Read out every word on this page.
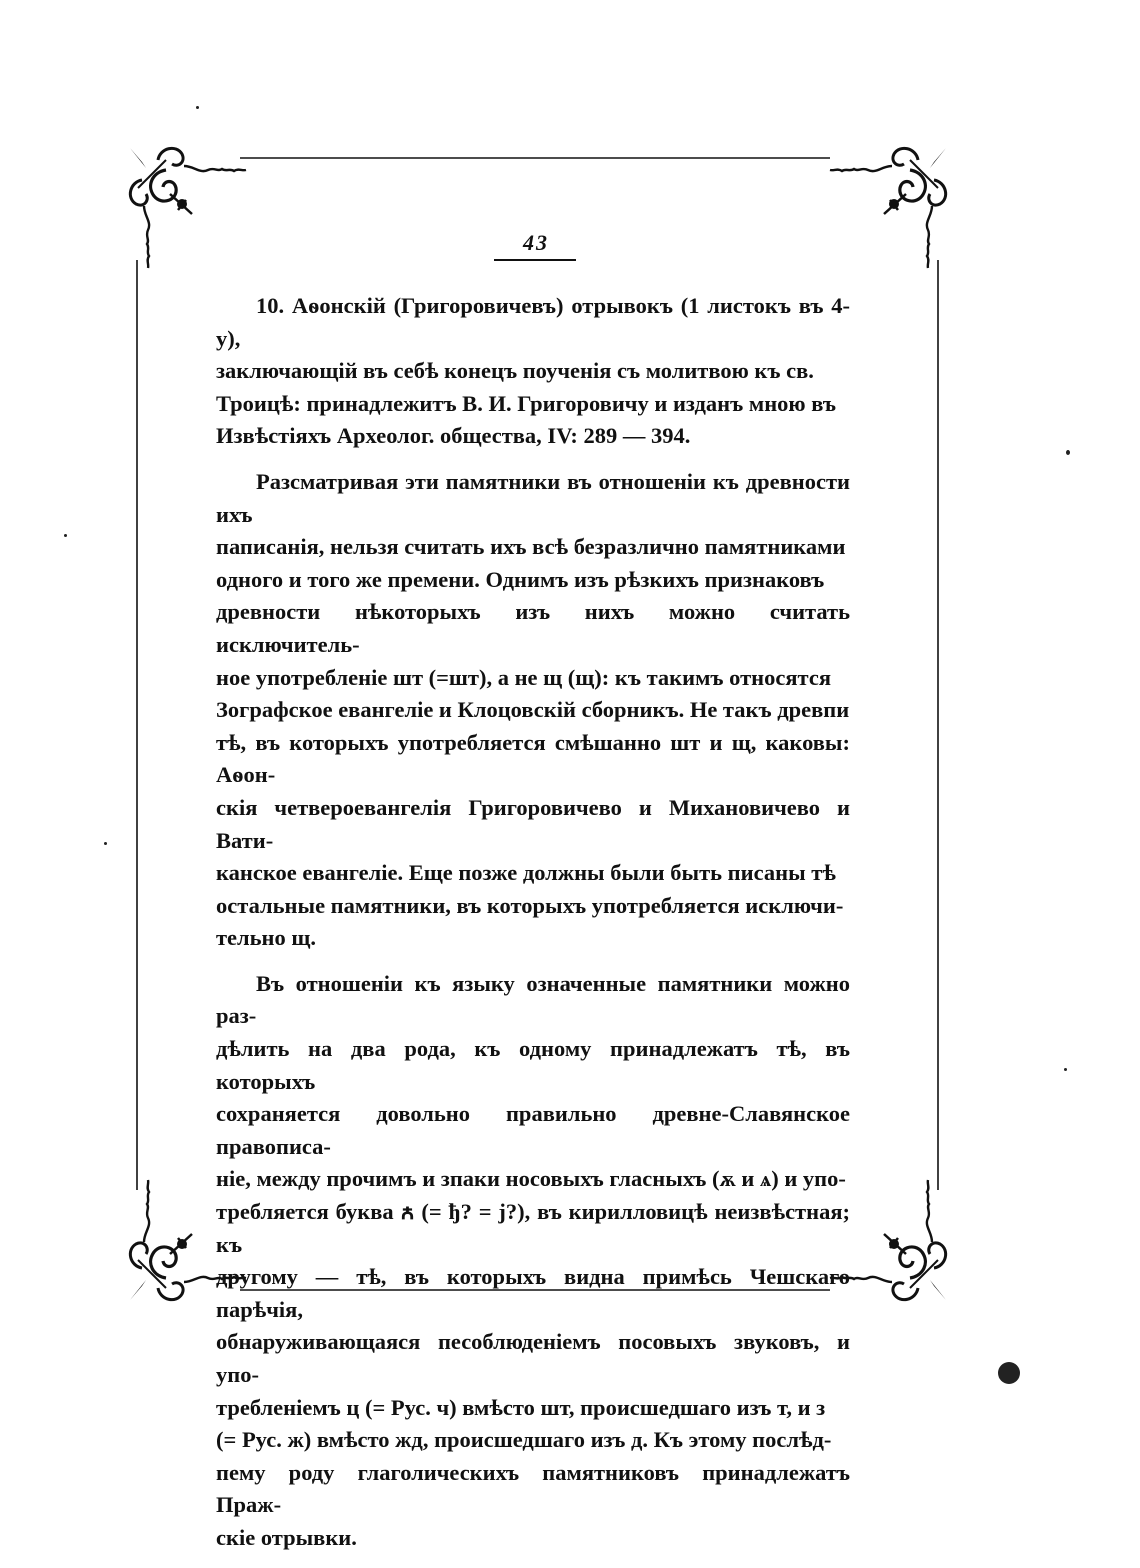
43

10. Аѳонскій (Григоровичевъ) отрывокъ (1 листокъ въ 4-у),
заключающій въ себѣ конецъ поученія съ молитвою къ св.
Троицѣ: принадлежитъ В. И. Григоровичу и изданъ мною въ
Извѣстіяхъ Археолог. общества, IV: 289 — 394.

Разсматривая эти памятники въ отношеніи къ древности ихъ
паписанія, нельзя считать ихъ всѣ безразлично памятниками
одного и того же премени. Однимъ изъ рѣзкихъ признаковъ
древности нѣкоторыхъ изъ нихъ можно считать исключитель-
ное употребленіе шт (=шт), а не щ (щ): къ такимъ относятся
Зографское евангеліе и Клоцовскій сборникъ. Не такъ древпи
тѣ, въ которыхъ употребляется смѣшанно шт и щ, каковы: Аѳон-
скія четвероевангелія Григоровичево и Михановичево и Вати-
канское евангеліе. Еще позже должны были быть писаны тѣ
остальные памятники, въ которыхъ употребляется исключи-
тельно щ.

Въ отношеніи къ языку означенные памятники можно раз-
дѣлить на два рода, къ одному принадлежатъ тѣ, въ которыхъ
сохраняется довольно правильно древне-Славянское правописа-
ніе, между прочимъ и зпаки носовыхъ гласныхъ (ѫ и ѧ) и упо-
требляется буква ꙉ (= ђ? = j?), въ кирилловицѣ неизвѣстная; къ
другому — тѣ, въ которыхъ видна примѣсь Чешскаго парѣчія,
обнаруживающаяся песоблюденіемъ посовыхъ звуковъ, и упо-
требленіемъ ц (= Рус. ч) вмѣсто шт, происшедшаго изъ т, и з
(= Рус. ж) вмѣсто жд, происшедшаго изъ д. Къ этому послѣд-
пему роду глаголическихъ памятниковъ принадлежатъ Праж-
скіе отрывки.
